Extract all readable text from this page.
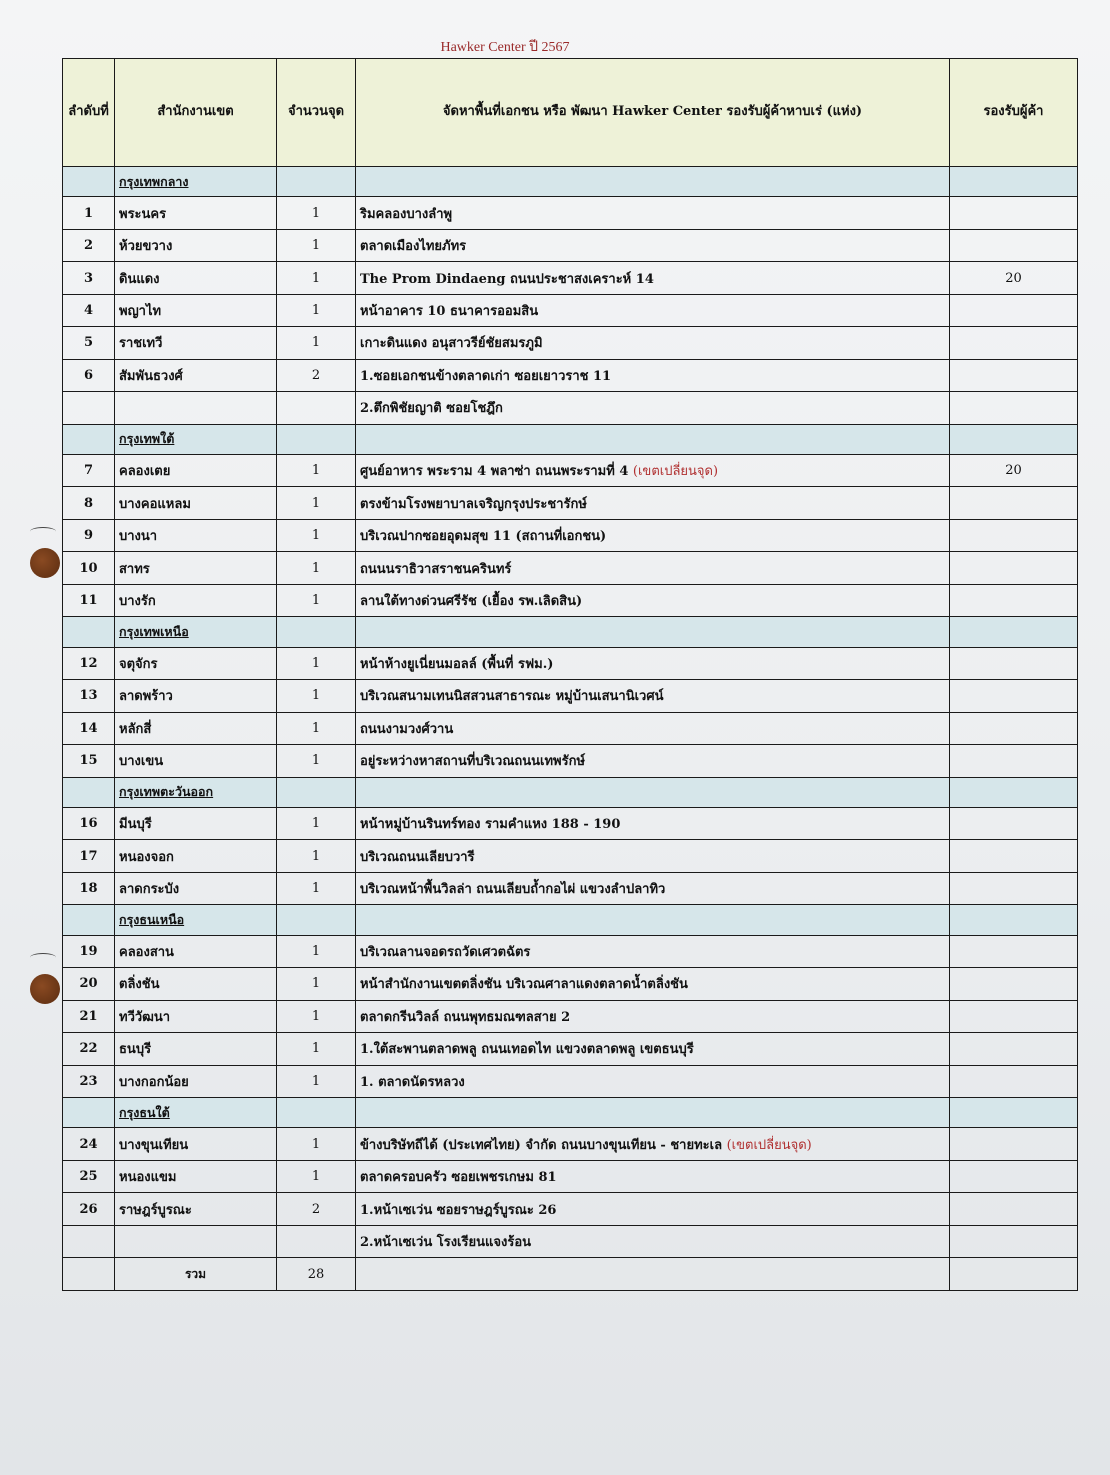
Hawker Center ปี 2567
ลำดับที่	สำนักงานเขต	จำนวนจุด	จัดหาพื้นที่เอกชน หรือ พัฒนา Hawker Center รองรับผู้ค้าหาบเร่ (แห่ง)	รองรับผู้ค้า
	กรุงเทพกลาง			
1	พระนคร	1	ริมคลองบางลำพู	
2	ห้วยขวาง	1	ตลาดเมืองไทยภัทร	
3	ดินแดง	1	The Prom Dindaeng ถนนประชาสงเคราะห์ 14	20
4	พญาไท	1	หน้าอาคาร 10 ธนาคารออมสิน	
5	ราชเทวี	1	เกาะดินแดง อนุสาวรีย์ชัยสมรภูมิ	
6	สัมพันธวงศ์	2	1.ซอยเอกชนข้างตลาดเก่า ซอยเยาวราช 11	
			2.ตึกพิชัยญาติ ซอยโชฎึก	
	กรุงเทพใต้			
7	คลองเตย	1	ศูนย์อาหาร พระราม 4 พลาซ่า ถนนพระรามที่ 4 (เขตเปลี่ยนจุด)	20
8	บางคอแหลม	1	ตรงข้ามโรงพยาบาลเจริญกรุงประชารักษ์	
9	บางนา	1	บริเวณปากซอยอุดมสุข 11 (สถานที่เอกชน)	
10	สาทร	1	ถนนนราธิวาสราชนครินทร์	
11	บางรัก	1	ลานใต้ทางด่วนศรีรัช (เยื้อง รพ.เลิดสิน)	
	กรุงเทพเหนือ			
12	จตุจักร	1	หน้าห้างยูเนี่ยนมอลล์ (พื้นที่ รฟม.)	
13	ลาดพร้าว	1	บริเวณสนามเทนนิสสวนสาธารณะ หมู่บ้านเสนานิเวศน์	
14	หลักสี่	1	ถนนงามวงศ์วาน	
15	บางเขน	1	อยู่ระหว่างหาสถานที่บริเวณถนนเทพรักษ์	
	กรุงเทพตะวันออก			
16	มีนบุรี	1	หน้าหมู่บ้านรินทร์ทอง รามคำแหง 188 - 190	
17	หนองจอก	1	บริเวณถนนเลียบวารี	
18	ลาดกระบัง	1	บริเวณหน้าพื้นวิลล่า ถนนเลียบถ้ำกอไผ่ แขวงลำปลาทิว	
	กรุงธนเหนือ			
19	คลองสาน	1	บริเวณลานจอดรถวัดเศวตฉัตร	
20	ตลิ่งชัน	1	หน้าสำนักงานเขตตลิ่งชัน บริเวณศาลาแดงตลาดน้ำตลิ่งชัน	
21	ทวีวัฒนา	1	ตลาดกรีนวิลล์ ถนนพุทธมณฑลสาย 2	
22	ธนบุรี	1	1.ใต้สะพานตลาดพลู ถนนเทอดไท แขวงตลาดพลู เขตธนบุรี	
23	บางกอกน้อย	1	1. ตลาดนัดรหลวง	
	กรุงธนใต้			
24	บางขุนเทียน	1	ข้างบริษัทถีได้ (ประเทศไทย) จำกัด ถนนบางขุนเทียน - ชายทะเล (เขตเปลี่ยนจุด)	
25	หนองแขม	1	ตลาดครอบครัว ซอยเพชรเกษม 81	
26	ราษฎร์บูรณะ	2	1.หน้าเซเว่น ซอยราษฎร์บูรณะ 26	
			2.หน้าเซเว่น โรงเรียนแจงร้อน	
	รวม	28		
